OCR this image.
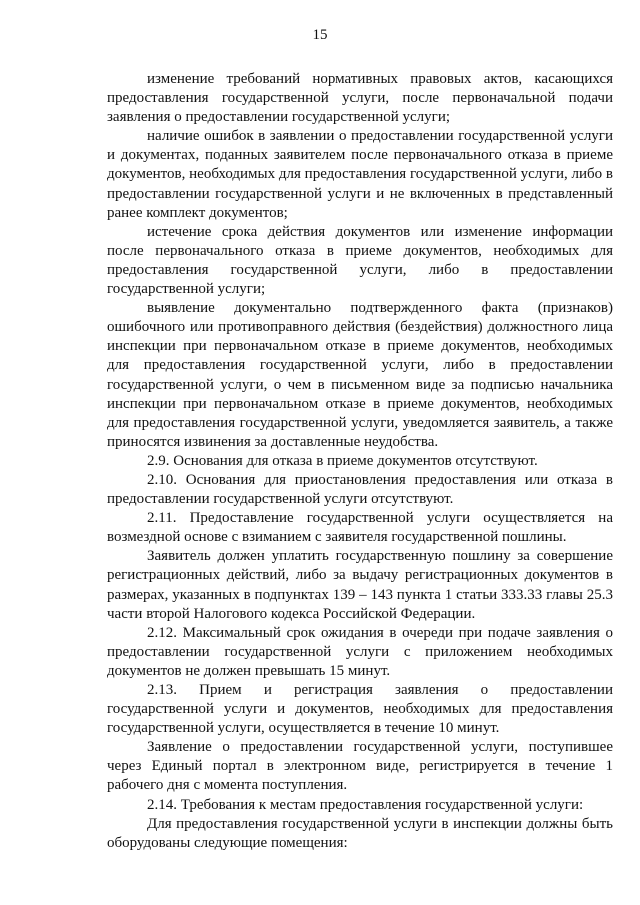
15

изменение требований нормативных правовых актов, касающихся предоставления государственной услуги, после первоначальной подачи заявления о предоставлении государственной услуги;

наличие ошибок в заявлении о предоставлении государственной услуги и документах, поданных заявителем после первоначального отказа в приеме документов, необходимых для предоставления государственной услуги, либо в предоставлении государственной услуги и не включенных в представленный ранее комплект документов;

истечение срока действия документов или изменение информации после первоначального отказа в приеме документов, необходимых для предоставления государственной услуги, либо в предоставлении государственной услуги;

выявление документально подтвержденного факта (признаков) ошибочного или противоправного действия (бездействия) должностного лица инспекции при первоначальном отказе в приеме документов, необходимых для предоставления государственной услуги, либо в предоставлении государственной услуги, о чем в письменном виде за подписью начальника инспекции при первоначальном отказе в приеме документов, необходимых для предоставления государственной услуги, уведомляется заявитель, а также приносятся извинения за доставленные неудобства.

2.9. Основания для отказа в приеме документов отсутствуют.

2.10. Основания для приостановления предоставления или отказа в предоставлении государственной услуги отсутствуют.

2.11. Предоставление государственной услуги осуществляется на возмездной основе с взиманием с заявителя государственной пошлины.

Заявитель должен уплатить государственную пошлину за совершение регистрационных действий, либо за выдачу регистрационных документов в размерах, указанных в подпунктах 139 – 143 пункта 1 статьи 333.33 главы 25.3 части второй Налогового кодекса Российской Федерации.

2.12. Максимальный срок ожидания в очереди при подаче заявления о предоставлении государственной услуги с приложением необходимых документов не должен превышать 15 минут.

2.13. Прием и регистрация заявления о предоставлении государственной услуги и документов, необходимых для предоставления государственной услуги, осуществляется в течение 10 минут.

Заявление о предоставлении государственной услуги, поступившее через Единый портал в электронном виде, регистрируется в течение 1 рабочего дня с момента поступления.

2.14. Требования к местам предоставления государственной услуги:

Для предоставления государственной услуги в инспекции должны быть оборудованы следующие помещения:
